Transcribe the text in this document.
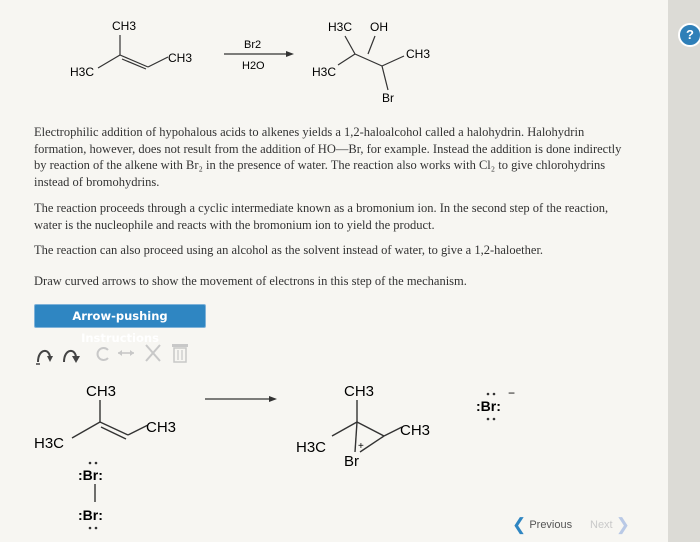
?
CH3
CH3
H3C
Br2
H2O
H3C OH
CH3
H3C
Br
Electrophilic addition of hypohalous acids to alkenes yields a 1,2-haloalcohol called a halohydrin. Halohydrin formation, however, does not result from the addition of HO—Br, for example. Instead the addition is done indirectly by reaction of the alkene with Br₂ in the presence of water. The reaction also works with Cl₂ to give chlorohydrins instead of bromohydrins.
The reaction proceeds through a cyclic intermediate known as a bromonium ion. In the second step of the reaction, water is the nucleophile and reacts with the bromonium ion to yield the product.
The reaction can also proceed using an alcohol as the solvent instead of water, to give a 1,2-haloether.
Draw curved arrows to show the movement of electrons in this step of the mechanism.
Arrow-pushing Instructions
CH3
CH3
H3C
:Br:
:Br:
CH3
CH3
H3C
Br
+
:Br:
−
❮ Previous Next ❯
